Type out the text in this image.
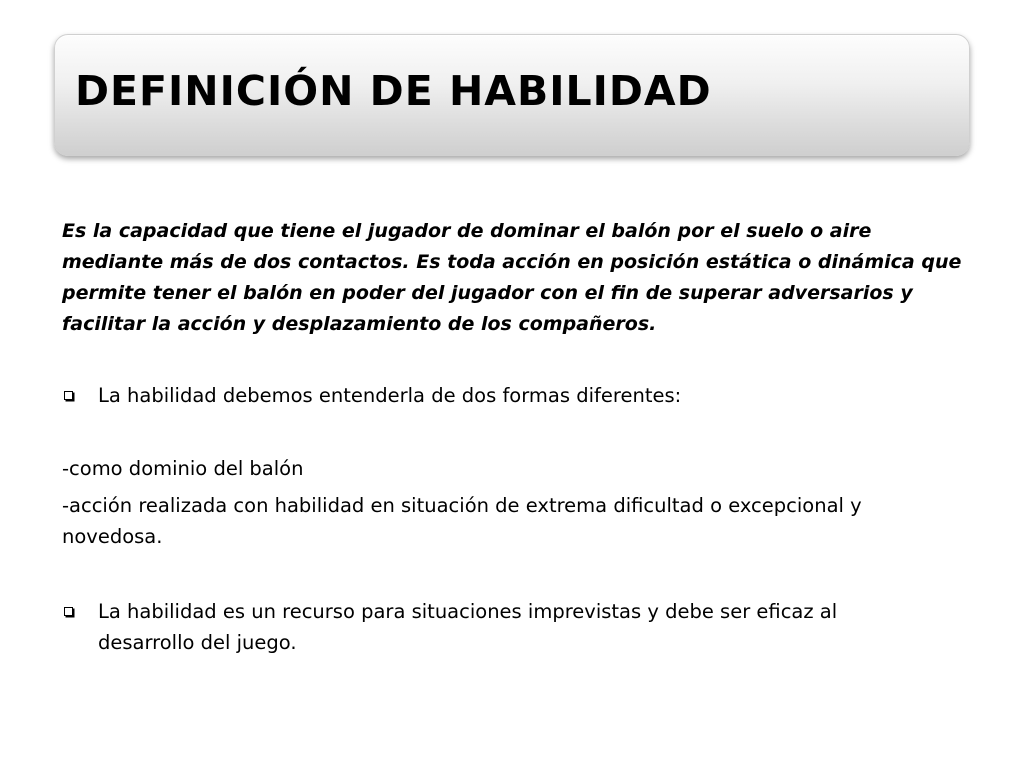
DEFINICIÓN DE HABILIDAD

Es la capacidad que tiene el jugador de dominar el balón por el suelo o aire mediante más de dos contactos. Es toda acción en posición estática o dinámica que permite tener el balón en poder del jugador con el fin de superar adversarios y facilitar la acción y desplazamiento de los compañeros.

La habilidad debemos entenderla de dos formas diferentes:

-como dominio del balón

-acción realizada con habilidad en situación de extrema dificultad o excepcional y novedosa.

La habilidad es un recurso para situaciones imprevistas y debe ser eficaz al desarrollo del juego.
